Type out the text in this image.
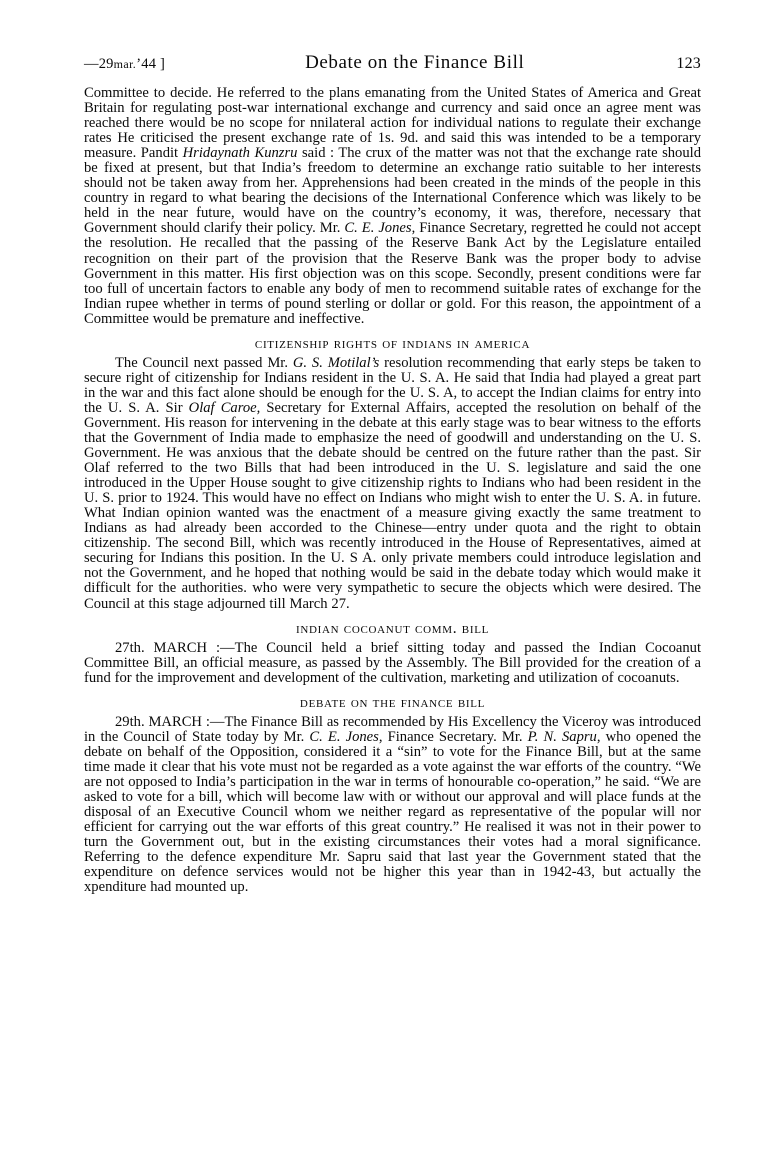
—29mar.’44 ]	Debate on the Finance Bill	123

Committee to decide. He referred to the plans emanating from the United States of America and Great Britain for regulating post-war international exchange and currency and said once an agree ment was reached there would be no scope for nnilateral action for individual nations to regulate their exchange rates He criticised the present exchange rate of 1s. 9d. and said this was intended to be a temporary measure. Pandit Hridaynath Kunzru said : The crux of the matter was not that the exchange rate should be fixed at present, but that India’s freedom to determine an exchange ratio suitable to her interests should not be taken away from her. Apprehensions had been created in the minds of the people in this country in regard to what bearing the decisions of the International Conference which was likely to be held in the near future, would have on the country’s economy, it was, therefore, necessary that Government should clarify their policy. Mr. C. E. Jones, Finance Secretary, regretted he could not accept the resolution. He recalled that the passing of the Reserve Bank Act by the Legislature entailed recognition on their part of the provision that the Reserve Bank was the proper body to advise Government in this matter. His first objection was on this scope. Secondly, present conditions were far too full of uncertain factors to enable any body of men to recommend suitable rates of exchange for the Indian rupee whether in terms of pound sterling or dollar or gold. For this reason, the appointment of a Committee would be premature and ineffective.

citizenship rights of indians in america

The Council next passed Mr. G. S. Motilal’s resolution recommending that early steps be taken to secure right of citizenship for Indians resident in the U. S. A. He said that India had played a great part in the war and this fact alone should be enough for the U. S. A, to accept the Indian claims for entry into the U. S. A. Sir Olaf Caroe, Secretary for External Affairs, accepted the resolution on behalf of the Government. His reason for intervening in the debate at this early stage was to bear witness to the efforts that the Government of India made to emphasize the need of goodwill and understanding on the U. S. Government. He was anxious that the debate should be centred on the future rather than the past. Sir Olaf referred to the two Bills that had been introduced in the U. S. legislature and said the one introduced in the Upper House sought to give citizenship rights to Indians who had been resident in the U. S. prior to 1924. This would have no effect on Indians who might wish to enter the U. S. A. in future. What Indian opinion wanted was the enactment of a measure giving exactly the same treatment to Indians as had already been accorded to the Chinese—entry under quota and the right to obtain citizenship. The second Bill, which was recently introduced in the House of Representatives, aimed at securing for Indians this position. In the U. S A. only private members could introduce legislation and not the Government, and he hoped that nothing would be said in the debate today which would make it difficult for the authorities. who were very sympathetic to secure the objects which were desired. The Council at this stage adjourned till March 27.

indian cocoanut comm. bill

27th. MARCH :—The Council held a brief sitting today and passed the Indian Cocoanut Committee Bill, an official measure, as passed by the Assembly. The Bill provided for the creation of a fund for the improvement and development of the cultivation, marketing and utilization of cocoanuts.

debate on the finance bill

29th. MARCH :—The Finance Bill as recommended by His Excellency the Viceroy was introduced in the Council of State today by Mr. C. E. Jones, Finance Secretary. Mr. P. N. Sapru, who opened the debate on behalf of the Opposition, considered it a “sin” to vote for the Finance Bill, but at the same time made it clear that his vote must not be regarded as a vote against the war efforts of the country. “We are not opposed to India’s participation in the war in terms of honourable co-operation,” he said. “We are asked to vote for a bill, which will become law with or without our approval and will place funds at the disposal of an Executive Council whom we neither regard as representative of the popular will nor efficient for carrying out the war efforts of this great country.” He realised it was not in their power to turn the Government out, but in the existing circumstances their votes had a moral significance. Referring to the defence expenditure Mr. Sapru said that last year the Government stated that the expenditure on defence services would not be higher this year than in 1942-43, but actually the xpenditure had mounted up.
